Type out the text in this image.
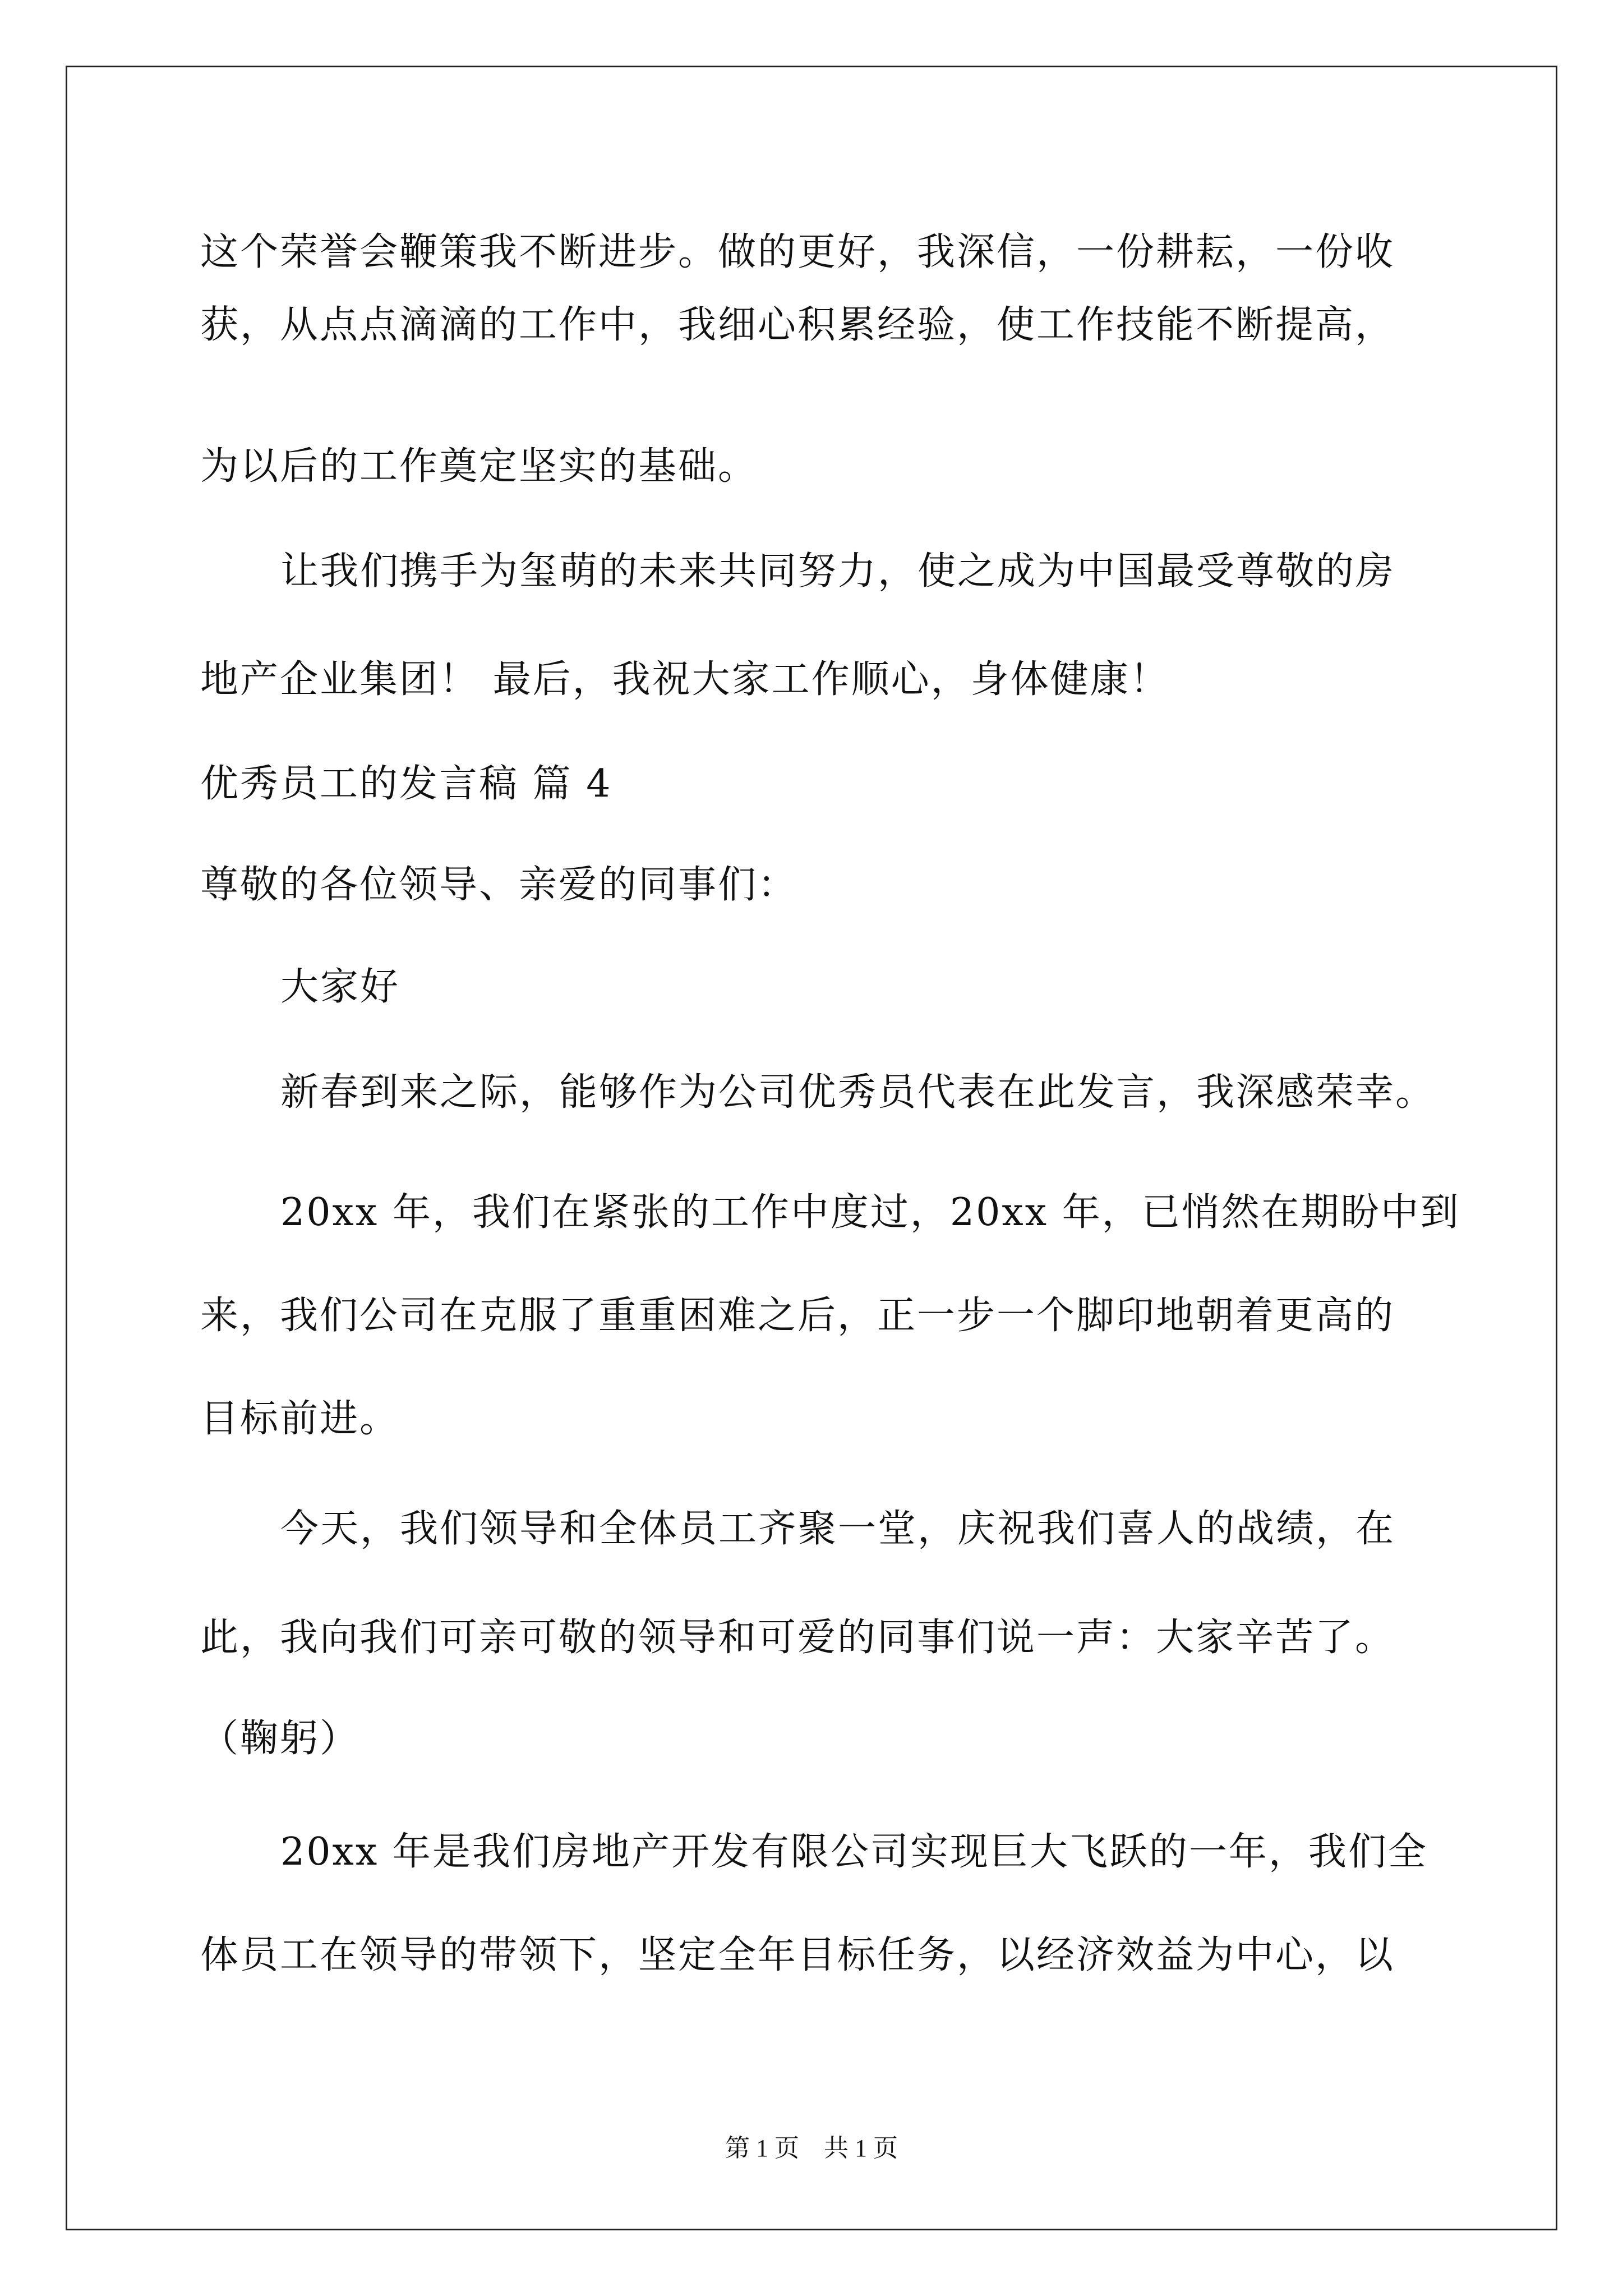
这个荣誉会鞭策我不断进步。做的更好，我深信，一份耕耘，一份收
获，从点点滴滴的工作中，我细心积累经验，使工作技能不断提高，
为以后的工作奠定坚实的基础。
让我们携手为玺萌的未来共同努力，使之成为中国最受尊敬的房
地产企业集团！ 最后，我祝大家工作顺心，身体健康！
优秀员工的发言稿 篇 4
尊敬的各位领导、亲爱的同事们：
大家好
新春到来之际，能够作为公司优秀员代表在此发言，我深感荣幸。
20xx 年，我们在紧张的工作中度过，20xx 年，已悄然在期盼中到
来，我们公司在克服了重重困难之后，正一步一个脚印地朝着更高的
目标前进。
今天，我们领导和全体员工齐聚一堂，庆祝我们喜人的战绩，在
此，我向我们可亲可敬的领导和可爱的同事们说一声：大家辛苦了。
（鞠躬）
20xx 年是我们房地产开发有限公司实现巨大飞跃的一年，我们全
体员工在领导的带领下，坚定全年目标任务，以经济效益为中心，以
第 1 页　共 1 页
